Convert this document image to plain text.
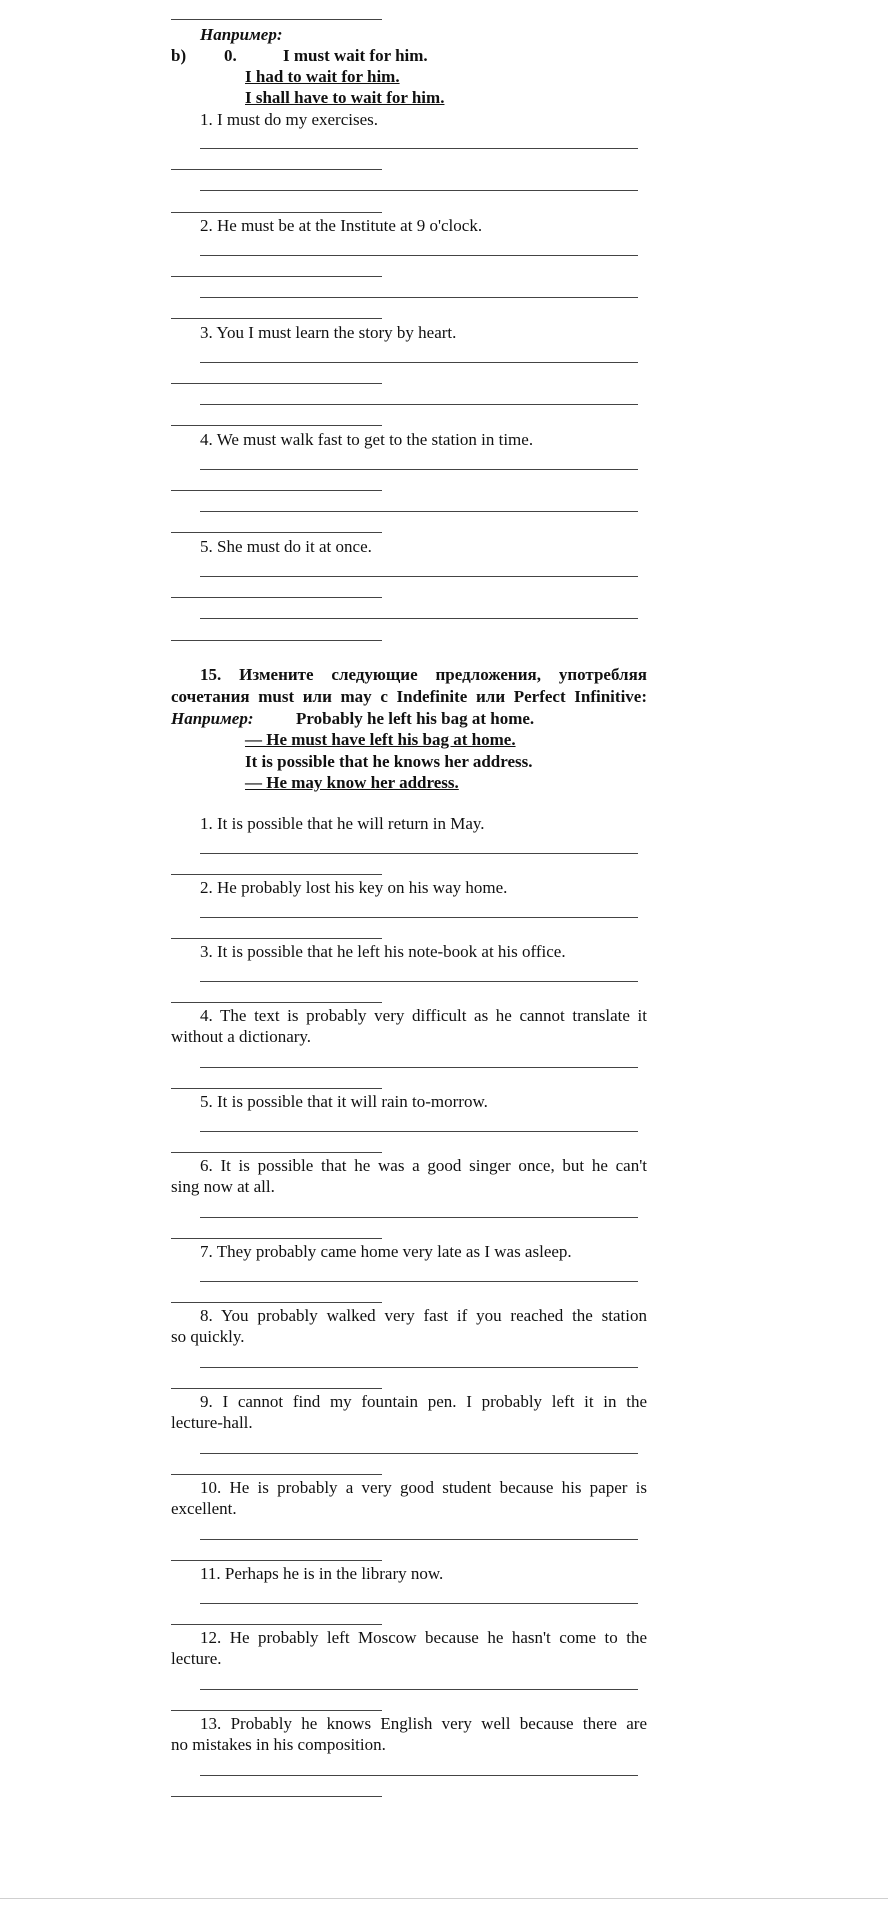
Например:
b) 0.	I must wait for him.
I had to wait for him.
I shall have to wait for him.
1. I must do my exercises.
2. He must be at the Institute at 9 o'clock.
3. You I must learn the story by heart.
4. We must walk fast to get to the station in time.
5. She must do it at once.
15. Измените следующие предложения, употребляя
сочетания must или may с Indefinite или Perfect Infinitive:
Например:	Probably he left his bag at home.
— He must have left his bag at home.
It is possible that he knows her address.
— He may know her address.
1. It is possible that he will return in May.
2. He probably lost his key on his way home.
3. It is possible that he left his note-book at his office.
4. The text is probably very difficult as he cannot translate it
without a dictionary.
5. It is possible that it will rain to-morrow.
6. It is possible that he was a good singer once, but he can't
sing now at all.
7. They probably came home very late as I was asleep.
8. You probably walked very fast if you reached the station
so quickly.
9. I cannot find my fountain pen. I probably left it in the
lecture-hall.
10. He is probably a very good student because his paper is
excellent.
11. Perhaps he is in the library now.
12. He probably left Moscow because he hasn't come to the
lecture.
13. Probably he knows English very well because there are
no mistakes in his composition.
